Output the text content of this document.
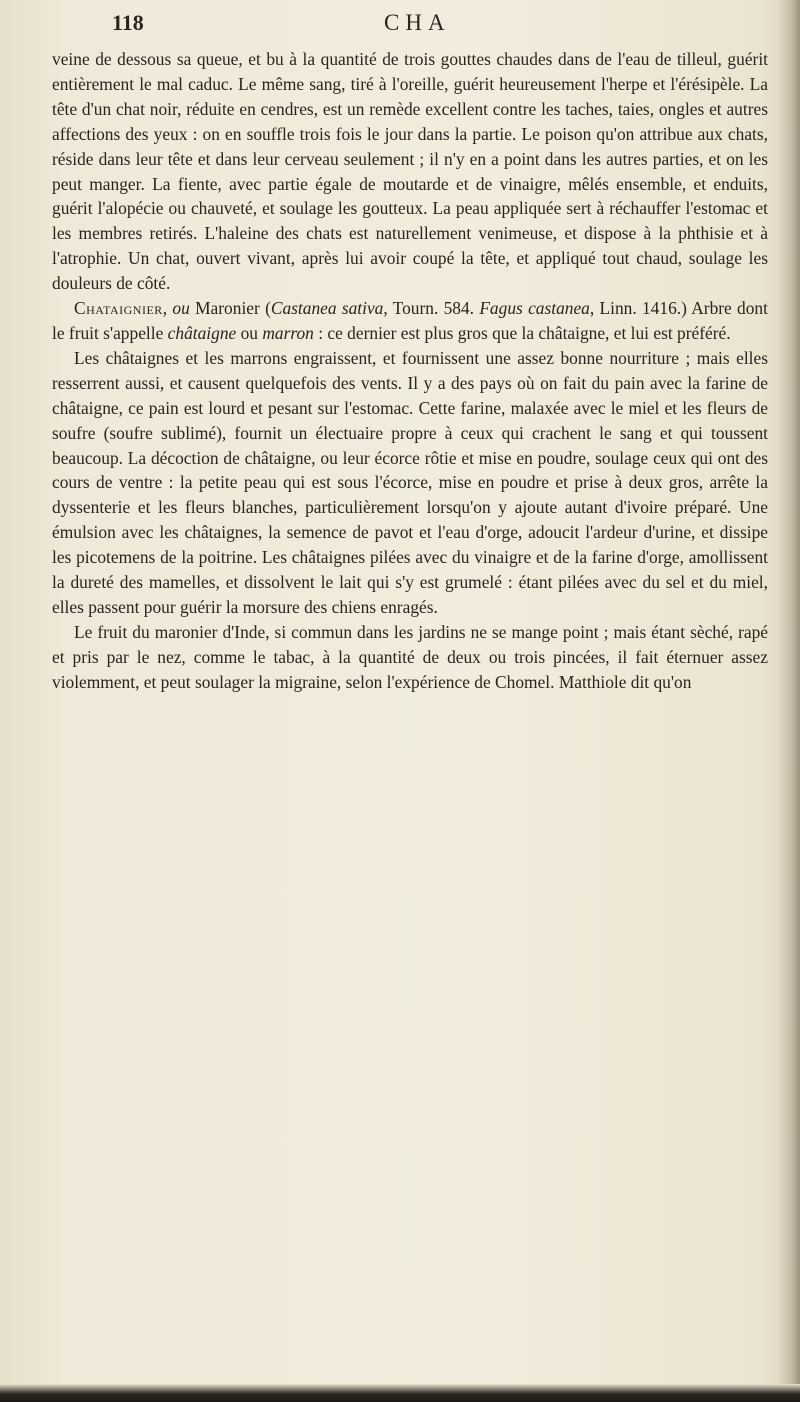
118	CHA

veine de dessous sa queue, et bu à la quantité de trois gouttes chaudes dans de l'eau de tilleul, guérit entièrement le mal caduc. Le même sang, tiré à l'oreille, guérit heureusement l'herpe et l'érésipèle. La tête d'un chat noir, réduite en cendres, est un remède excellent contre les taches, taies, ongles et autres affections des yeux : on en souffle trois fois le jour dans la partie. Le poison qu'on attribue aux chats, réside dans leur tête et dans leur cerveau seulement ; il n'y en a point dans les autres parties, et on les peut manger. La fiente, avec partie égale de moutarde et de vinaigre, mêlés ensemble, et enduits, guérit l'alopécie ou chauveté, et soulage les goutteux. La peau appliquée sert à réchauffer l'estomac et les membres retirés. L'haleine des chats est naturellement venimeuse, et dispose à la phthisie et à l'atrophie. Un chat, ouvert vivant, après lui avoir coupé la tête, et appliqué tout chaud, soulage les douleurs de côté.

Chataignier, ou Maronier (Castanea sativa, Tourn. 584. Fagus castanea, Linn. 1416.) Arbre dont le fruit s'appelle châtaigne ou marron : ce dernier est plus gros que la châtaigne, et lui est préféré.

Les châtaignes et les marrons engraissent, et fournissent une assez bonne nourriture ; mais elles resserrent aussi, et causent quelquefois des vents. Il y a des pays où on fait du pain avec la farine de châtaigne, ce pain est lourd et pesant sur l'estomac. Cette farine, malaxée avec le miel et les fleurs de soufre (soufre sublimé), fournit un électuaire propre à ceux qui crachent le sang et qui toussent beaucoup. La décoction de châtaigne, ou leur écorce rôtie et mise en poudre, soulage ceux qui ont des cours de ventre : la petite peau qui est sous l'écorce, mise en poudre et prise à deux gros, arrête la dyssenterie et les fleurs blanches, particulièrement lorsqu'on y ajoute autant d'ivoire préparé. Une émulsion avec les châtaignes, la semence de pavot et l'eau d'orge, adoucit l'ardeur d'urine, et dissipe les picotemens de la poitrine. Les châtaignes pilées avec du vinaigre et de la farine d'orge, amollissent la dureté des mamelles, et dissolvent le lait qui s'y est grumelé : étant pilées avec du sel et du miel, elles passent pour guérir la morsure des chiens enragés.

Le fruit du maronier d'Inde, si commun dans les jardins ne se mange point ; mais étant sèché, rapé et pris par le nez, comme le tabac, à la quantité de deux ou trois pincées, il fait éternuer assez violemment, et peut soulager la migraine, selon l'expérience de Chomel. Matthiole dit qu'on
